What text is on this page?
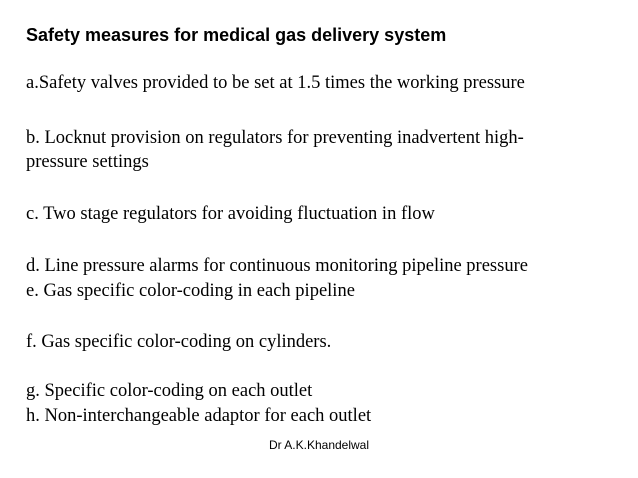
Safety measures for medical gas delivery system
a.Safety valves provided to be set at 1.5 times the working pressure
b. Locknut provision on regulators for preventing inadvertent high-
pressure settings
c. Two stage regulators for avoiding fluctuation in flow
d. Line pressure alarms for continuous monitoring pipeline pressure
e. Gas specific color-coding in each pipeline
f. Gas specific color-coding on cylinders.
g. Specific color-coding on each outlet
h. Non-interchangeable adaptor for each outlet
Dr A.K.Khandelwal
